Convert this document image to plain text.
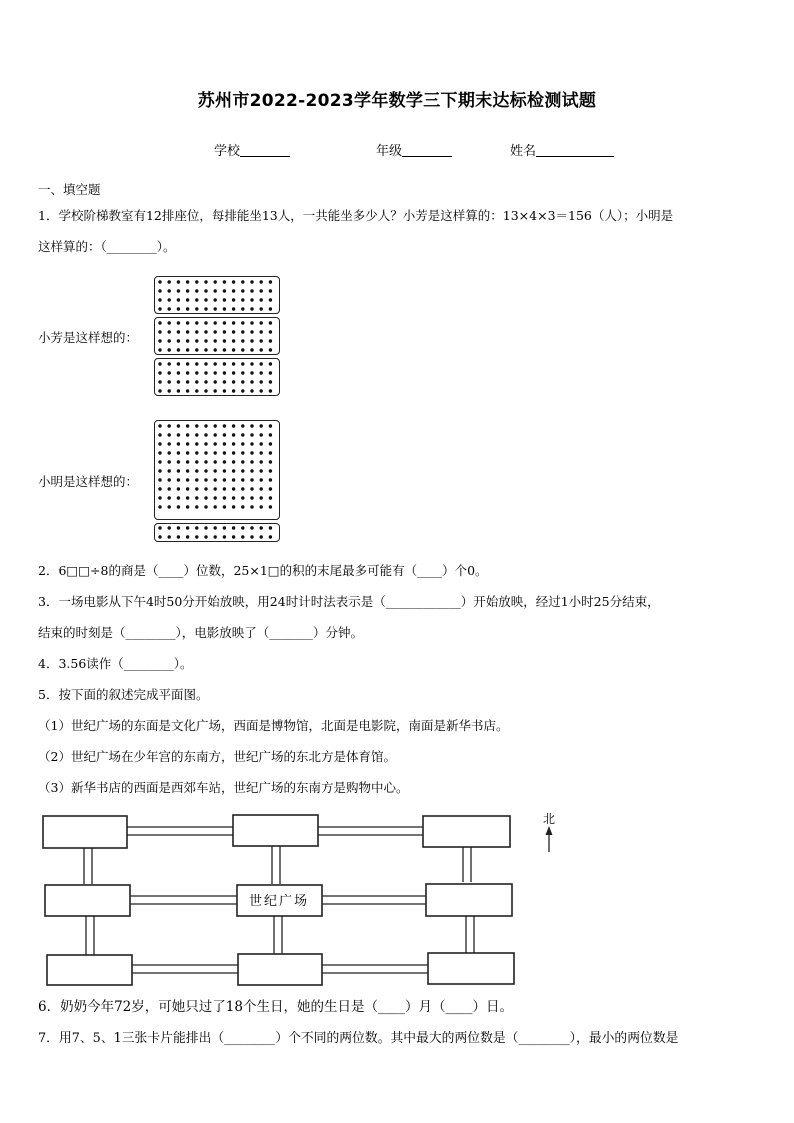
苏州市2022-2023学年数学三下期末达标检测试题
学校	年级	姓名
一、填空题
1．学校阶梯教室有12排座位，每排能坐13人，一共能坐多少人？小芳是这样算的：13×4×3＝156（人）；小明是
这样算的：（________）。
小芳是这样想的：
小明是这样想的：
2．6□□÷8的商是（____）位数，25×1□的积的末尾最多可能有（____）个0。
3．一场电影从下午4时50分开始放映，用24时计时法表示是（____________）开始放映，经过1小时25分结束，
结束的时刻是（________），电影放映了（_______）分钟。
4．3.56读作（________）。
5．按下面的叙述完成平面图。
（1）世纪广场的东面是文化广场，西面是博物馆，北面是电影院，南面是新华书店。
（2）世纪广场在少年宫的东南方，世纪广场的东北方是体育馆。
（3）新华书店的西面是西郊车站，世纪广场的东南方是购物中心。
世纪广场
北
6．奶奶今年72岁，可她只过了18个生日，她的生日是（____）月（____）日。
7．用7、5、1三张卡片能排出（________）个不同的两位数。其中最大的两位数是（________），最小的两位数是
